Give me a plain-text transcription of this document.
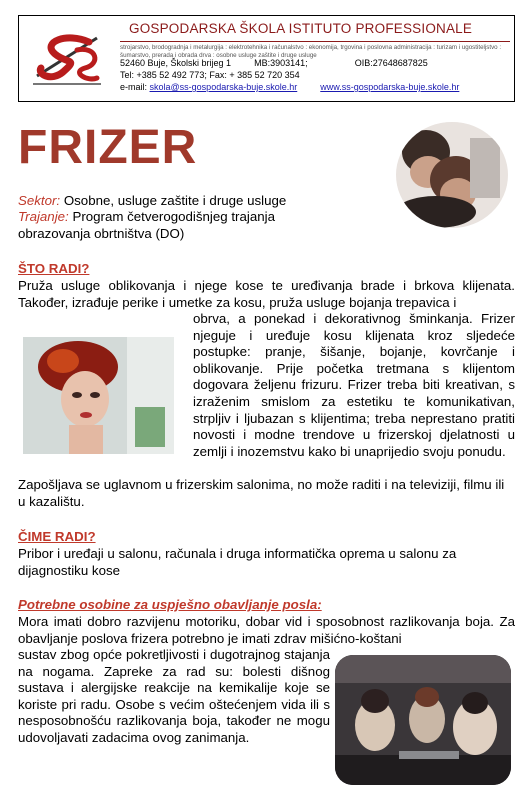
GOSPODARSKA ŠKOLA ISTITUTO PROFESSIONALE
strojarstvo, brodogradnja i metalurgija : elektrotehnika i računalstvo : ekonomija, trgovina i poslovna administracija : turizam i ugostiteljstvo : šumarstvo, prerada i obrada drva : osobne usluge zaštite i druge usluge
52460 Buje, Školski brijeg 1	MB:3903141;	OIB:27648687825
Tel: +385 52 492 773; Fax: + 385 52 720 354
e-mail: skola@ss-gospodarska-buje.skole.hr	www.ss-gospodarska-buje.skole.hr
FRIZER
Sektor: Osobne, usluge zaštite i druge usluge
Trajanje: Program četverogodišnjeg trajanja obrazovanja obrtništva (DO)
ŠTO RADI?
Pruža usluge oblikovanja i njege kose te uređivanja brade i brkova klijenata. Također, izrađuje perike i umetke za kosu, pruža usluge bojanja trepavica i
obrva, a ponekad i dekorativnog šminkanja. Frizer njeguje i uređuje kosu klijenata kroz sljedeće postupke: pranje, šišanje, bojanje, kovrčanje i oblikovanje. Prije početka tretmana s klijentom dogovara željenu frizuru. Frizer treba biti kreativan, s izraženim smislom za estetiku te komunikativan, strpljiv i ljubazan s klijentima; treba neprestano pratiti novosti i modne trendove u frizerskoj djelatnosti u zemlji i inozemstvu kako bi unaprijedio svoju ponudu.
Zapošljava se uglavnom u frizerskim salonima, no može raditi i na televiziji, filmu ili u kazalištu.
ČIME RADI?
Pribor i uređaji u salonu, računala i druga informatička oprema u salonu za dijagnostiku kose
Potrebne osobine za uspješno obavljanje posla:
Mora imati dobro razvijenu motoriku, dobar vid i sposobnost razlikovanja boja. Za obavljanje poslova frizera potrebno je imati zdrav mišićno-koštani
sustav zbog opće pokretljivosti i dugotrajnog stajanja na nogama. Zapreke za rad su: bolesti dišnog sustava i alergijske reakcije na kemikalije koje se koriste pri radu. Osobe s većim oštećenjem vida ili s nesposobnošću razlikovanja boja, također ne mogu udovoljavati zadacima ovog zanimanja.
